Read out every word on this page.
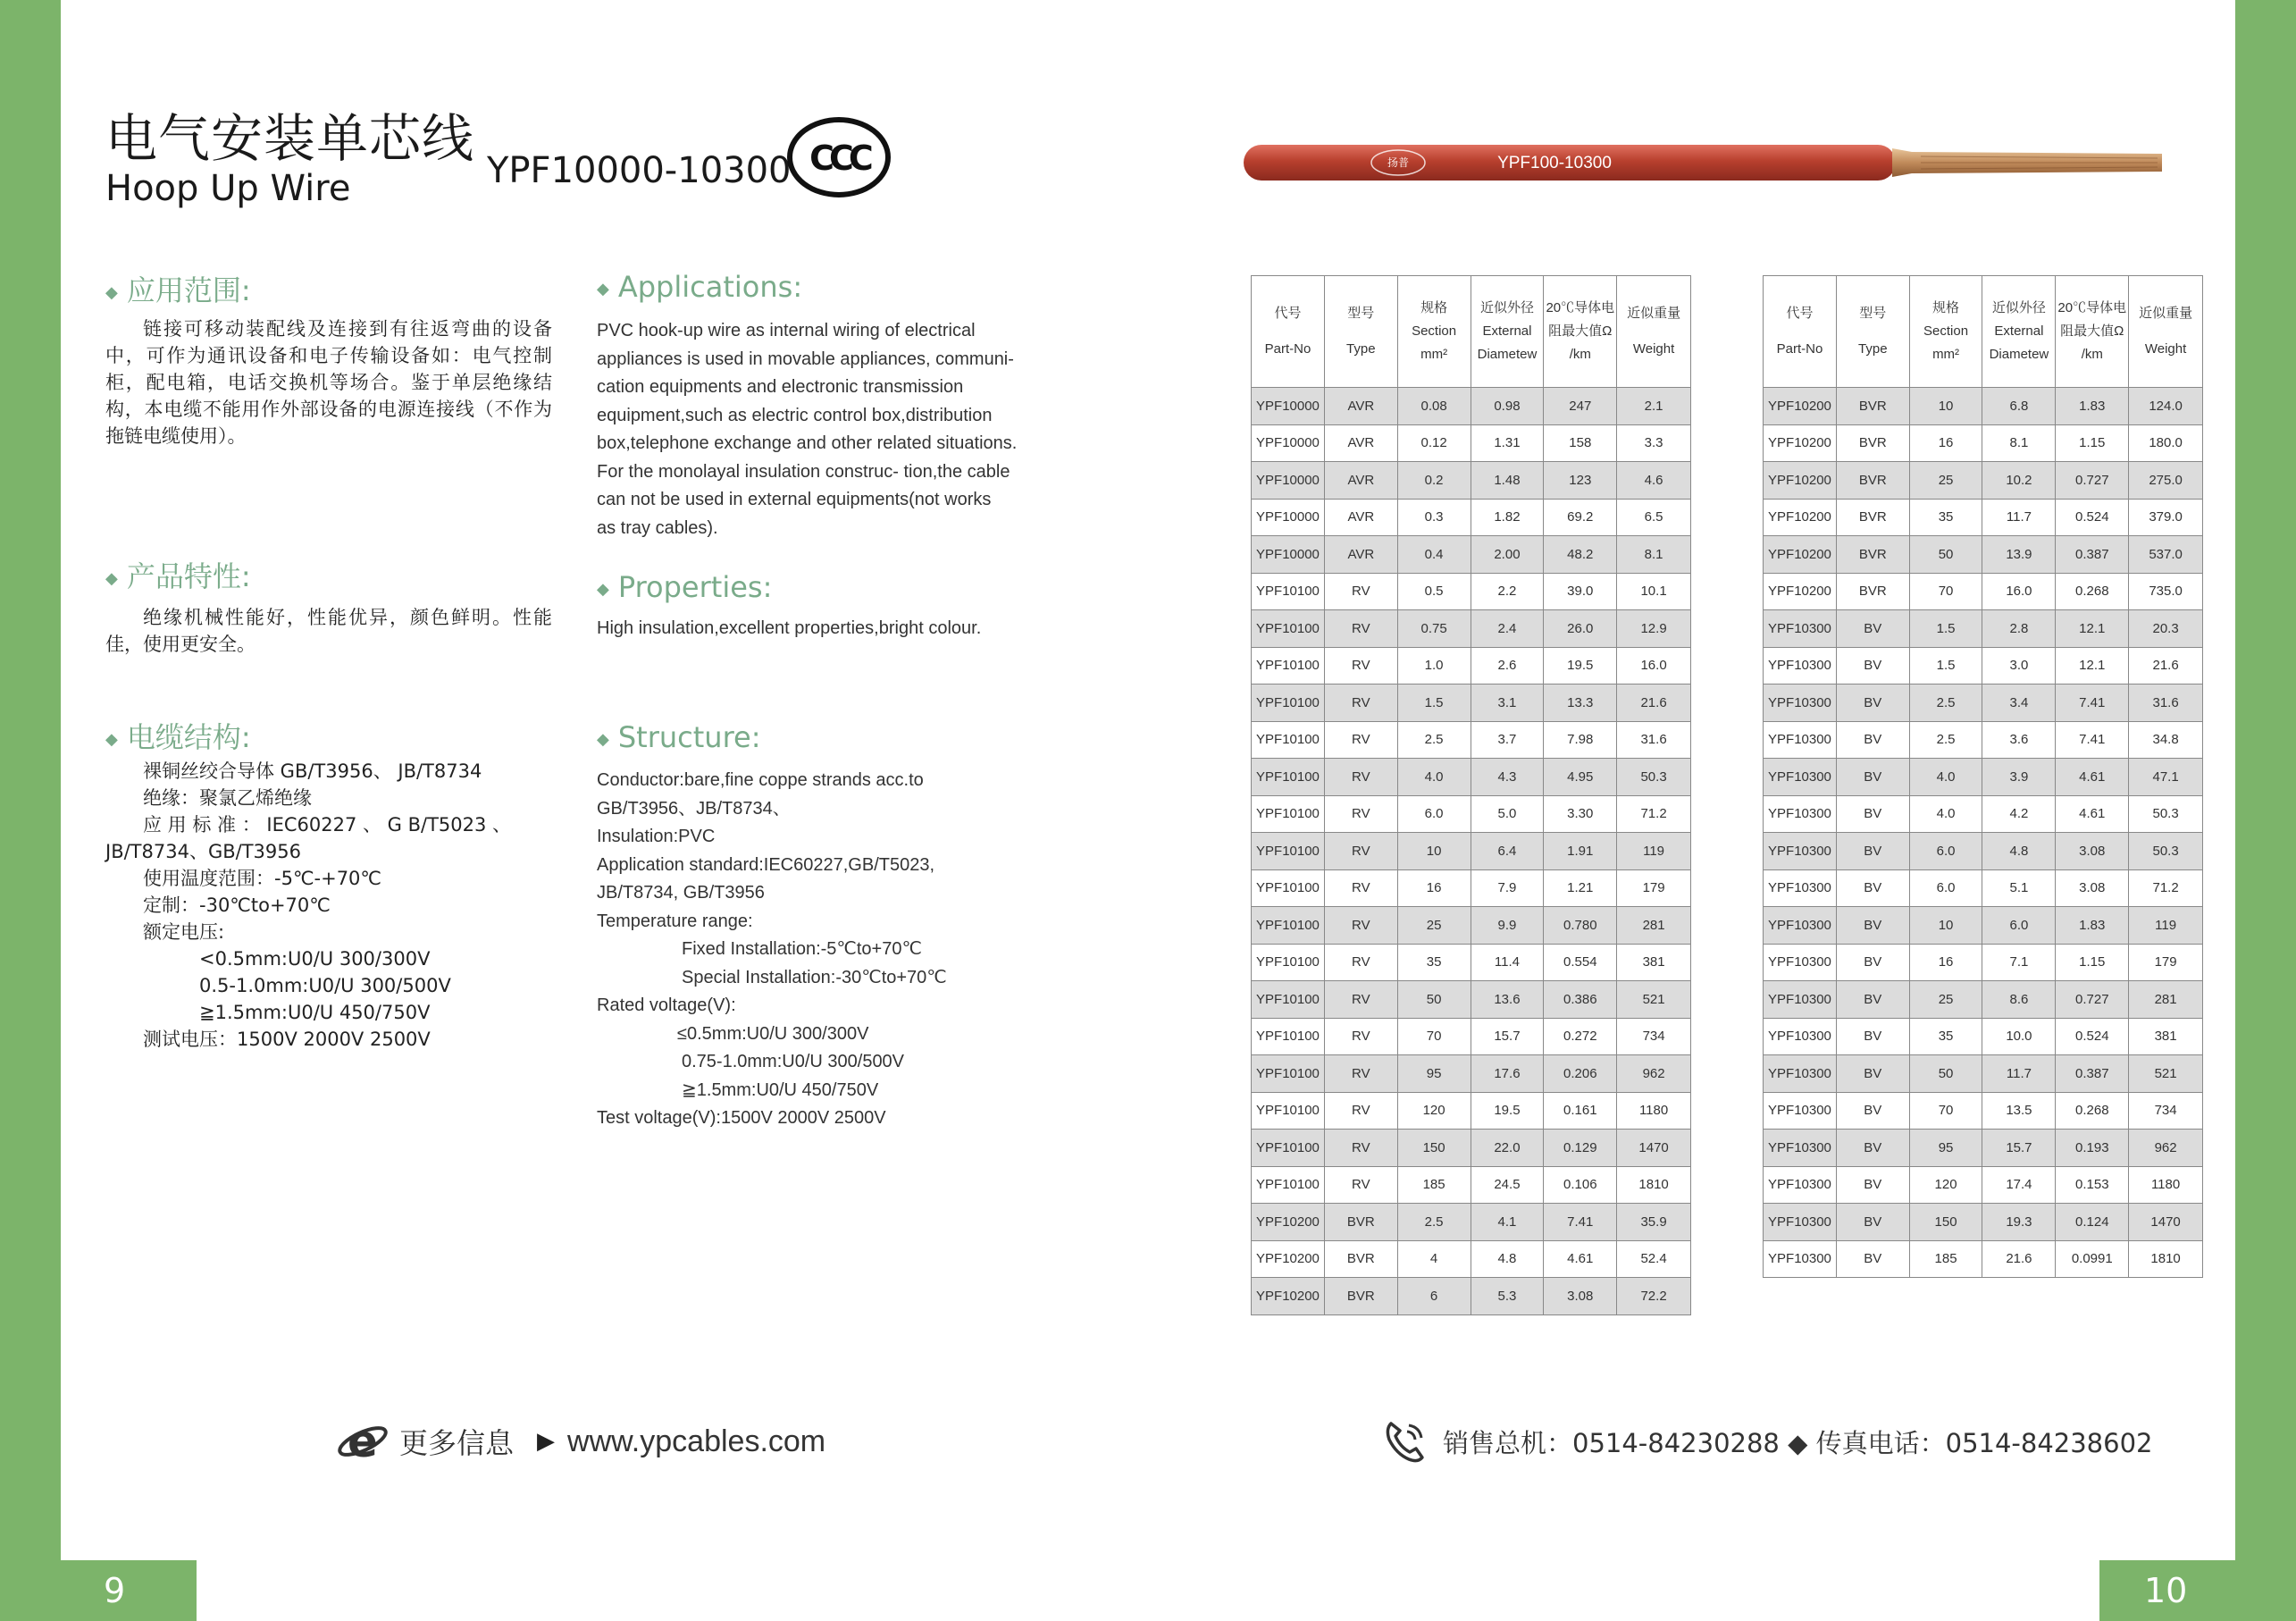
9	10
电气安装单芯线
Hoop Up Wire	YPF10000-10300 CCC	扬普	YPF100-10300
◆ 应用范围:
链接可移动装配线及连接到有往返弯曲的设备中，可作为通讯设备和电子传输设备如：电气控制柜，配电箱，电话交换机等场合。鉴于单层绝缘结构，本电缆不能用作外部设备的电源连接线（不作为拖链电缆使用）。
◆ 产品特性:
绝缘机械性能好，性能优异，颜色鲜明。性能佳，使用更安全。
◆ 电缆结构:
裸铜丝绞合导体 GB/T3956、 JB/T8734
绝缘：聚氯乙烯绝缘
应 用 标 准 ： IEC60227 、 G B/T5023 、
JB/T8734、GB/T3956
使用温度范围：-5℃-+70℃
定制：-30℃to+70℃
额定电压:
<0.5mm:U0/U 300/300V
0.5-1.0mm:U0/U 300/500V
≧1.5mm:U0/U 450/750V
测试电压：1500V 2000V 2500V
◆ Applications:
PVC hook-up wire as internal wiring of electrical
appliances is used in movable appliances, communi-
cation equipments and electronic transmission
equipment,such as electric control box,distribution
box,telephone exchange and other related situations.
For the monolayal insulation construc- tion,the cable
can not be used in external equipments(not works
as tray cables).
◆ Properties:
High insulation,excellent properties,bright colour.
◆ Structure:
Conductor:bare,fine coppe strands acc.to
GB/T3956、JB/T8734、
Insulation:PVC
Application standard:IEC60227,GB/T5023,
JB/T8734, GB/T3956
Temperature range:
Fixed Installation:-5℃to+70℃
Special Installation:-30℃to+70℃
Rated voltage(V):
≤0.5mm:U0/U 300/300V
0.75-1.0mm:U0/U 300/500V
≧1.5mm:U0/U 450/750V
Test voltage(V):1500V 2000V 2500V
代号
Part-No	型号
Type	规格
Section
mm²	近似外径
External
Diametew	20℃导体电
阻最大值Ω
/km	近似重量
Weight

YPF10000	AVR	0.08	0.98	247	2.1
YPF10000	AVR	0.12	1.31	158	3.3
YPF10000	AVR	0.2	1.48	123	4.6
YPF10000	AVR	0.3	1.82	69.2	6.5
YPF10000	AVR	0.4	2.00	48.2	8.1
YPF10100	RV	0.5	2.2	39.0	10.1
YPF10100	RV	0.75	2.4	26.0	12.9
YPF10100	RV	1.0	2.6	19.5	16.0
YPF10100	RV	1.5	3.1	13.3	21.6
YPF10100	RV	2.5	3.7	7.98	31.6
YPF10100	RV	4.0	4.3	4.95	50.3
YPF10100	RV	6.0	5.0	3.30	71.2
YPF10100	RV	10	6.4	1.91	119
YPF10100	RV	16	7.9	1.21	179
YPF10100	RV	25	9.9	0.780	281
YPF10100	RV	35	11.4	0.554	381
YPF10100	RV	50	13.6	0.386	521
YPF10100	RV	70	15.7	0.272	734
YPF10100	RV	95	17.6	0.206	962
YPF10100	RV	120	19.5	0.161	1180
YPF10100	RV	150	22.0	0.129	1470
YPF10100	RV	185	24.5	0.106	1810
YPF10200	BVR	2.5	4.1	7.41	35.9
YPF10200	BVR	4	4.8	4.61	52.4
YPF10200	BVR	6	5.3	3.08	72.2
代号
Part-No	型号
Type	规格
Section
mm²	近似外径
External
Diametew	20℃导体电
阻最大值Ω
/km	近似重量
Weight

YPF10200	BVR	10	6.8	1.83	124.0
YPF10200	BVR	16	8.1	1.15	180.0
YPF10200	BVR	25	10.2	0.727	275.0
YPF10200	BVR	35	11.7	0.524	379.0
YPF10200	BVR	50	13.9	0.387	537.0
YPF10200	BVR	70	16.0	0.268	735.0
YPF10300	BV	1.5	2.8	12.1	20.3
YPF10300	BV	1.5	3.0	12.1	21.6
YPF10300	BV	2.5	3.4	7.41	31.6
YPF10300	BV	2.5	3.6	7.41	34.8
YPF10300	BV	4.0	3.9	4.61	47.1
YPF10300	BV	4.0	4.2	4.61	50.3
YPF10300	BV	6.0	4.8	3.08	50.3
YPF10300	BV	6.0	5.1	3.08	71.2
YPF10300	BV	10	6.0	1.83	119
YPF10300	BV	16	7.1	1.15	179
YPF10300	BV	25	8.6	0.727	281
YPF10300	BV	35	10.0	0.524	381
YPF10300	BV	50	11.7	0.387	521
YPF10300	BV	70	13.5	0.268	734
YPF10300	BV	95	15.7	0.193	962
YPF10300	BV	120	17.4	0.153	1180
YPF10300	BV	150	19.3	0.124	1470
YPF10300	BV	185	21.6	0.0991	1810
e 更多信息 ▶ www.ypcables.com	销售总机：0514-84230288 ◆ 传真电话：0514-84238602
